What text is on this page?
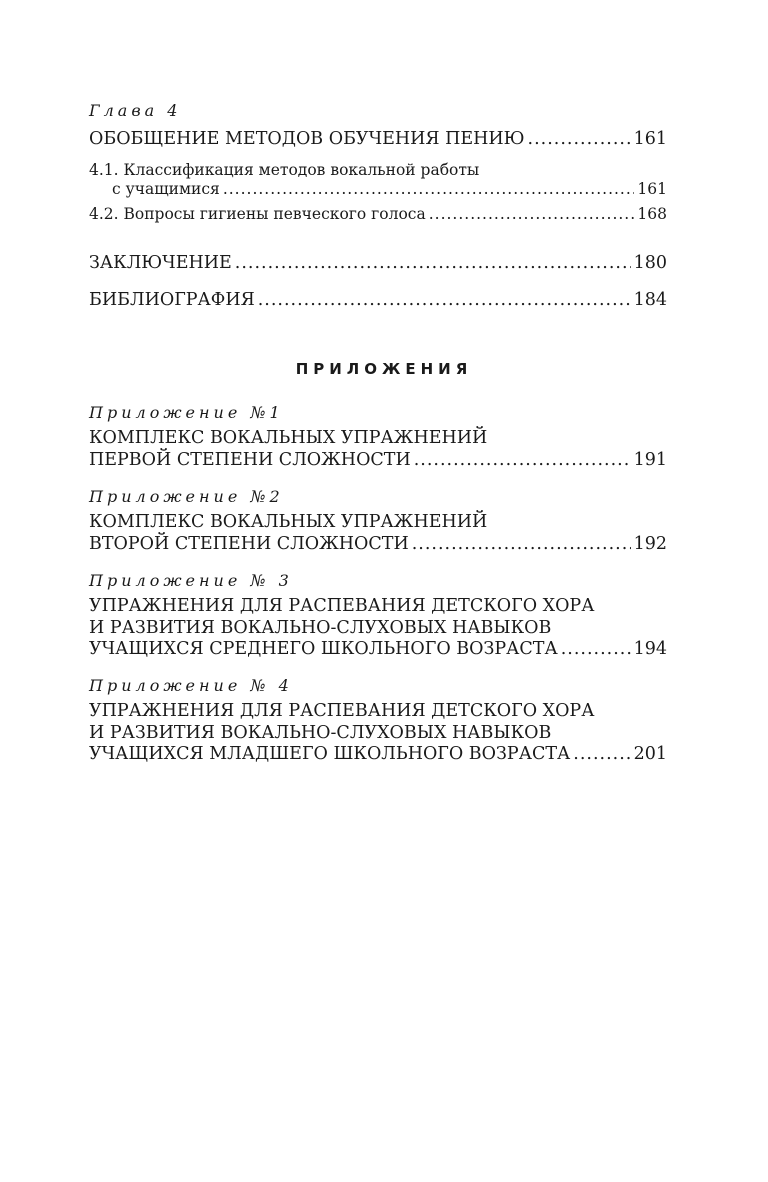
Глава 4
ОБОБЩЕНИЕ МЕТОДОВ ОБУЧЕНИЯ ПЕНИЮ .....	161
4.1. Классификация методов вокальной работы
с учащимися .....	161
4.2. Вопросы гигиены певческого голоса .....	168
ЗАКЛЮЧЕНИЕ .....	180
БИБЛИОГРАФИЯ .....	184
ПРИЛОЖЕНИЯ
Приложение №1
КОМПЛЕКС ВОКАЛЬНЫХ УПРАЖНЕНИЙ
ПЕРВОЙ СТЕПЕНИ СЛОЖНОСТИ .....	191
Приложение №2
КОМПЛЕКС ВОКАЛЬНЫХ УПРАЖНЕНИЙ
ВТОРОЙ СТЕПЕНИ СЛОЖНОСТИ .....	192
Приложение № 3
УПРАЖНЕНИЯ ДЛЯ РАСПЕВАНИЯ ДЕТСКОГО ХОРА
И РАЗВИТИЯ ВОКАЛЬНО-СЛУХОВЫХ НАВЫКОВ
УЧАЩИХСЯ СРЕДНЕГО ШКОЛЬНОГО ВОЗРАСТА .....	194
Приложение № 4
УПРАЖНЕНИЯ ДЛЯ РАСПЕВАНИЯ ДЕТСКОГО ХОРА
И РАЗВИТИЯ ВОКАЛЬНО-СЛУХОВЫХ НАВЫКОВ
УЧАЩИХСЯ МЛАДШЕГО ШКОЛЬНОГО ВОЗРАСТА .....	201
